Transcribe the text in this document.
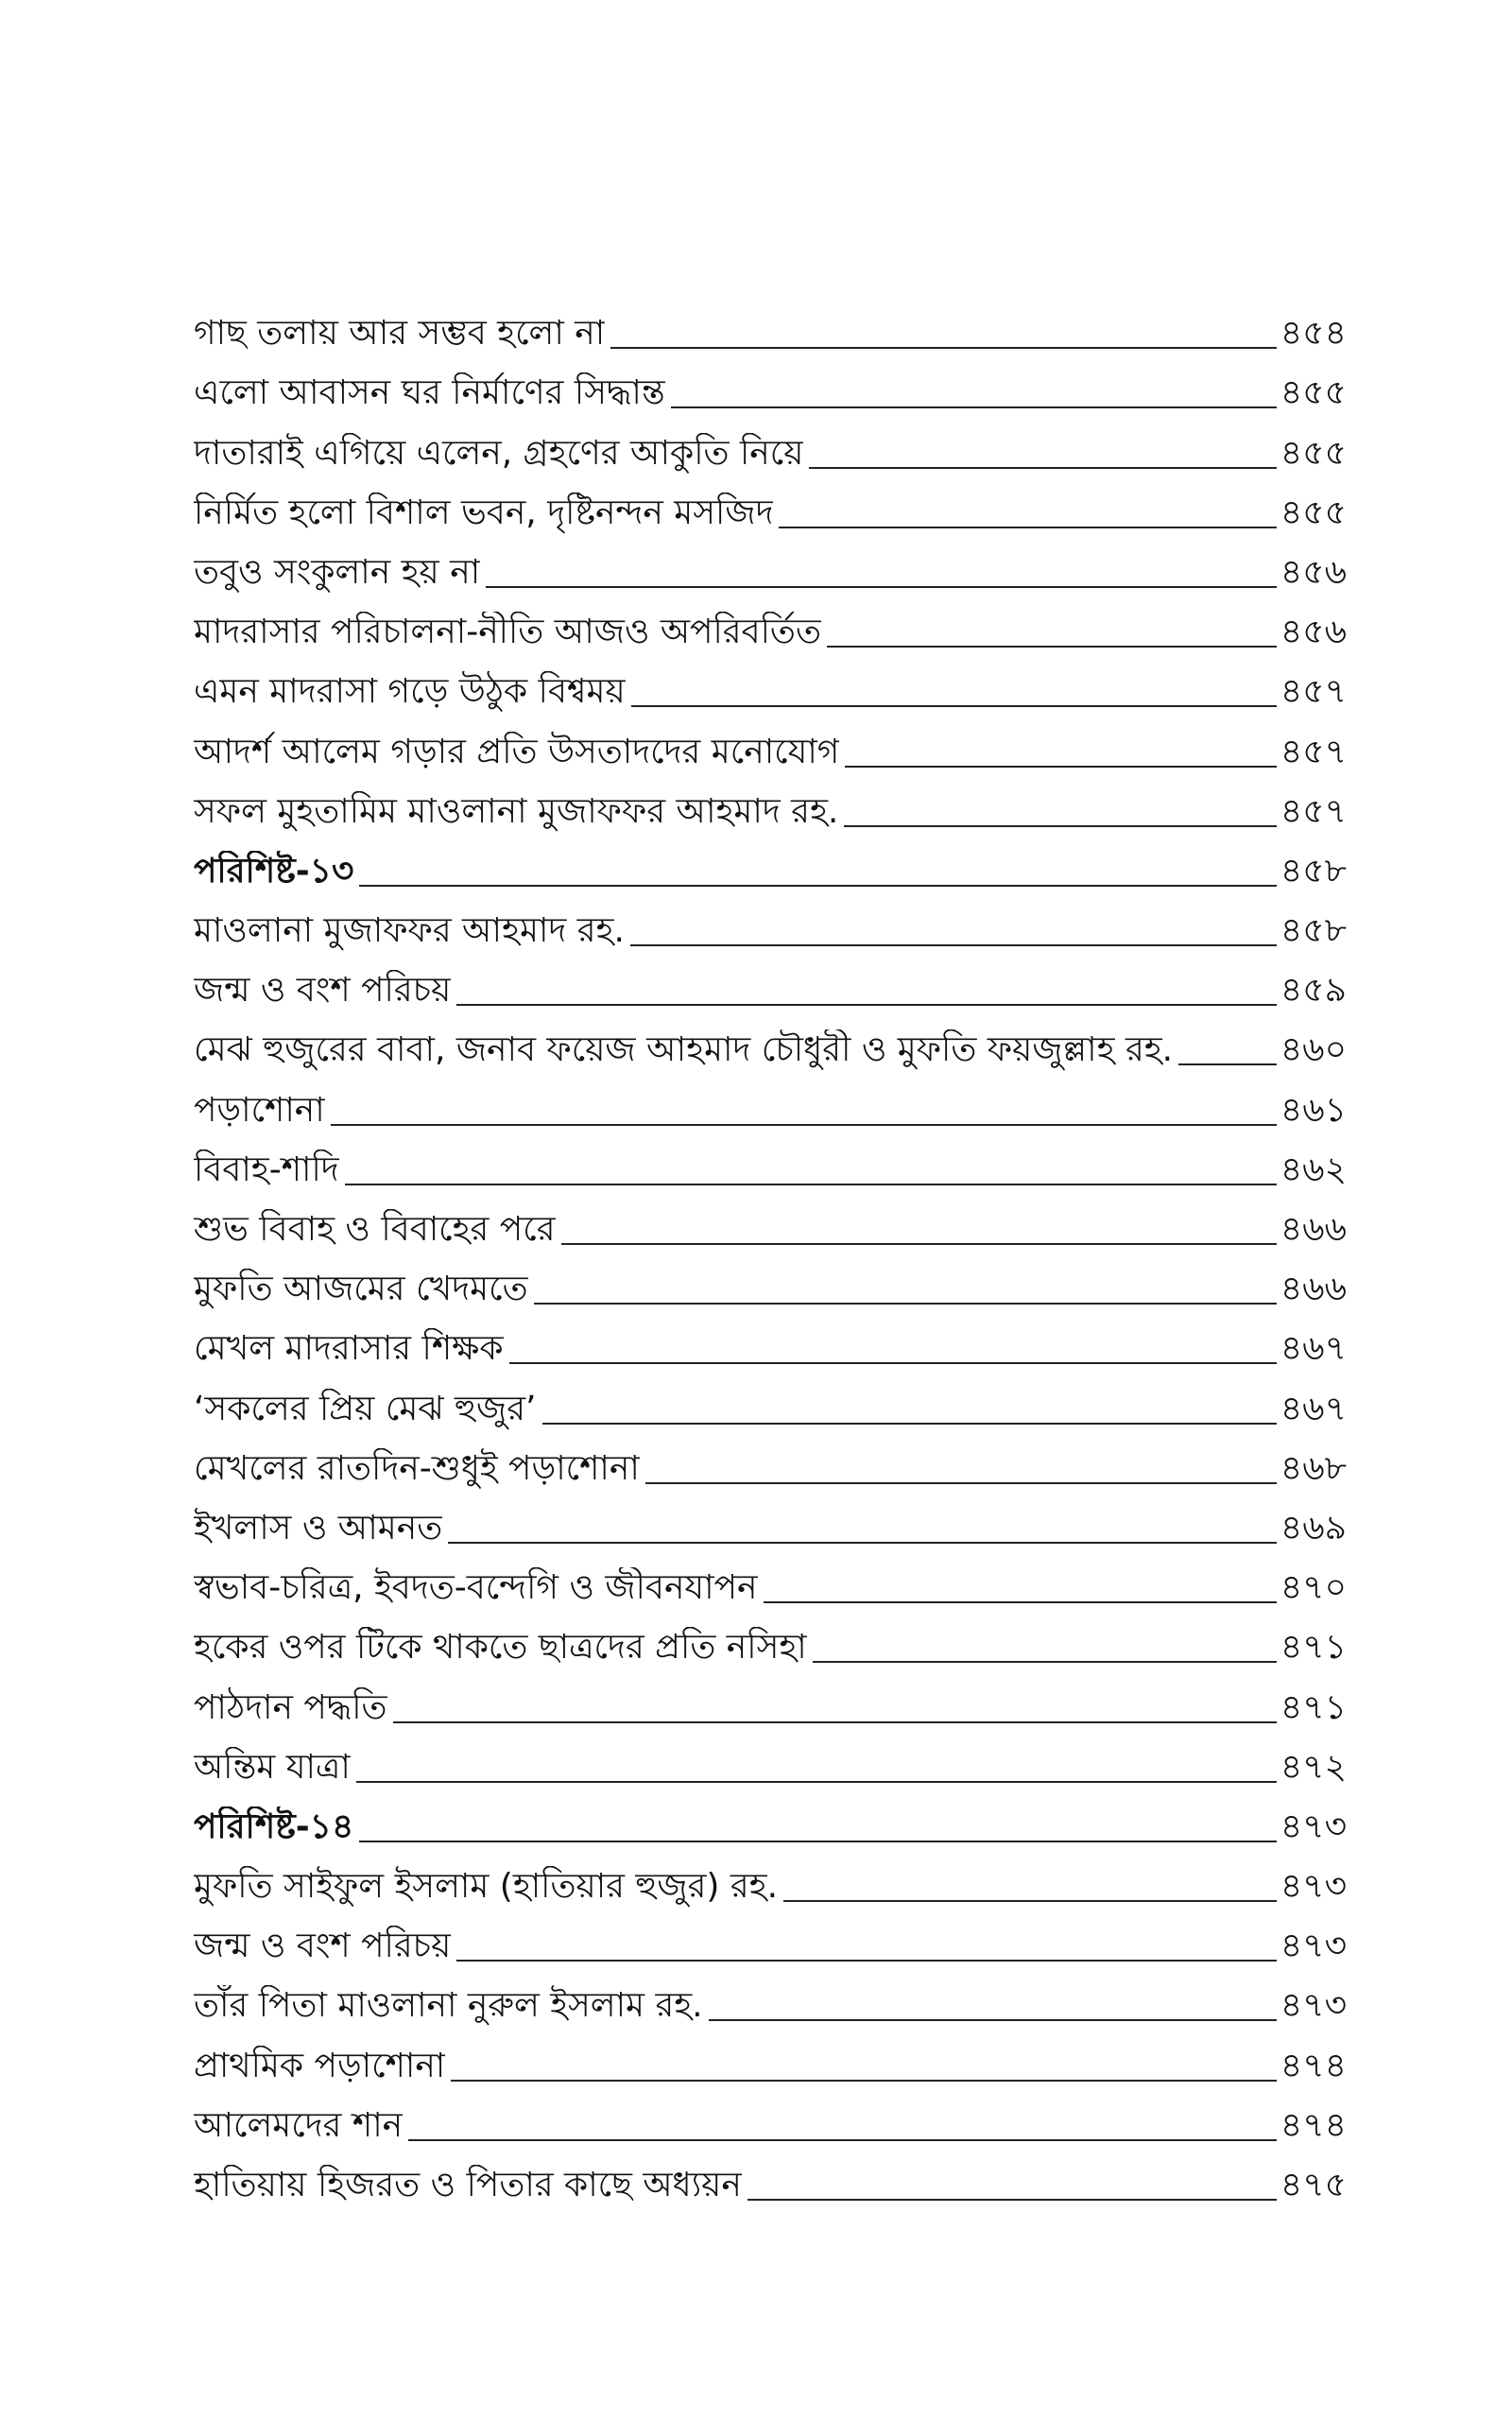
গাছ তলায় আর সম্ভব হলো না	৪৫৪
এলো আবাসন ঘর নির্মাণের সিদ্ধান্ত	৪৫৫
দাতারাই এগিয়ে এলেন, গ্রহণের আকুতি নিয়ে	৪৫৫
নির্মিত হলো বিশাল ভবন, দৃষ্টিনন্দন মসজিদ	৪৫৫
তবুও সংকুলান হয় না	৪৫৬
মাদরাসার পরিচালনা-নীতি আজও অপরিবর্তিত	৪৫৬
এমন মাদরাসা গড়ে উঠুক বিশ্বময়	৪৫৭
আদর্শ আলেম গড়ার প্রতি উসতাদদের মনোযোগ	৪৫৭
সফল মুহতামিম মাওলানা মুজাফফর আহমাদ রহ.	৪৫৭
পরিশিষ্ট-১৩	৪৫৮
মাওলানা মুজাফফর আহমাদ রহ.	৪৫৮
জন্ম ও বংশ পরিচয়	৪৫৯
মেঝ হুজুরের বাবা, জনাব ফয়েজ আহমাদ চৌধুরী ও মুফতি ফয়জুল্লাহ রহ.	৪৬০
পড়াশোনা	৪৬১
বিবাহ-শাদি	৪৬২
শুভ বিবাহ ও বিবাহের পরে	৪৬৬
মুফতি আজমের খেদমতে	৪৬৬
মেখল মাদরাসার শিক্ষক	৪৬৭
‘সকলের প্রিয় মেঝ হুজুর’	৪৬৭
মেখলের রাতদিন-শুধুই পড়াশোনা	৪৬৮
ইখলাস ও আমনত	৪৬৯
স্বভাব-চরিত্র, ইবদত-বন্দেগি ও জীবনযাপন	৪৭০
হকের ওপর টিকে থাকতে ছাত্রদের প্রতি নসিহা	৪৭১
পাঠদান পদ্ধতি	৪৭১
অন্তিম যাত্রা	৪৭২
পরিশিষ্ট-১৪	৪৭৩
মুফতি সাইফুল ইসলাম (হাতিয়ার হুজুর) রহ.	৪৭৩
জন্ম ও বংশ পরিচয়	৪৭৩
তাঁর পিতা মাওলানা নুরুল ইসলাম রহ.	৪৭৩
প্রাথমিক পড়াশোনা	৪৭৪
আলেমদের শান	৪৭৪
হাতিয়ায় হিজরত ও পিতার কাছে অধ্যয়ন	৪৭৫
